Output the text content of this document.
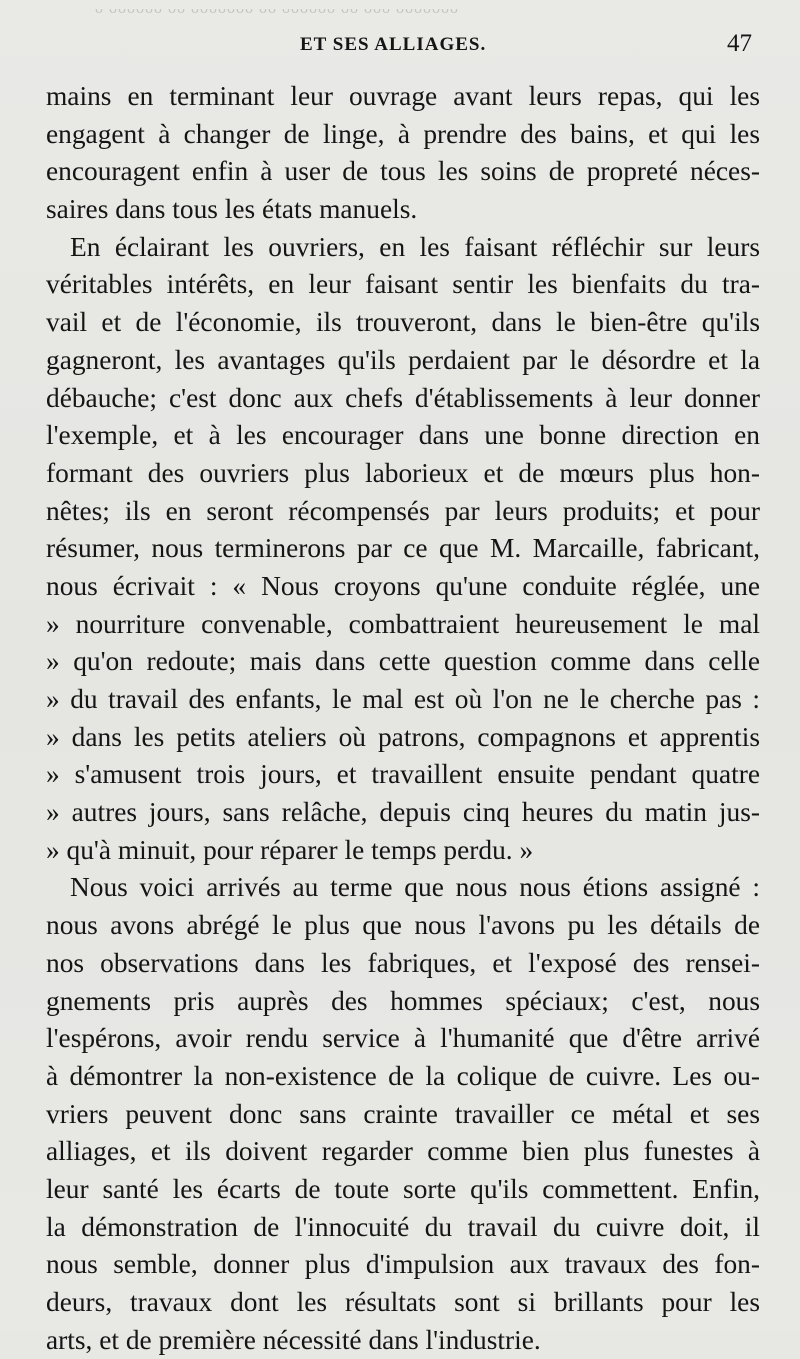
ᴗ ᴗᴗᴗᴗᴗᴗ ᴗᴗ ᴗᴗᴗᴗᴗᴗᴗ ᴗᴗ ᴗᴗᴗᴗᴗᴗ ᴗᴗ ᴗᴗᴗ ᴗᴗᴗᴗᴗᴗᴗ
ET SES ALLIAGES.	47
mains en terminant leur ouvrage avant leurs repas, qui les
engagent à changer de linge, à prendre des bains, et qui les
encouragent enfin à user de tous les soins de propreté néces-
saires dans tous les états manuels.
En éclairant les ouvriers, en les faisant réfléchir sur leurs
véritables intérêts, en leur faisant sentir les bienfaits du tra-
vail et de l'économie, ils trouveront, dans le bien-être qu'ils
gagneront, les avantages qu'ils perdaient par le désordre et la
débauche; c'est donc aux chefs d'établissements à leur donner
l'exemple, et à les encourager dans une bonne direction en
formant des ouvriers plus laborieux et de mœurs plus hon-
nêtes; ils en seront récompensés par leurs produits; et pour
résumer, nous terminerons par ce que M. Marcaille, fabricant,
nous écrivait : « Nous croyons qu'une conduite réglée, une
» nourriture convenable, combattraient heureusement le mal
» qu'on redoute; mais dans cette question comme dans celle
» du travail des enfants, le mal est où l'on ne le cherche pas :
» dans les petits ateliers où patrons, compagnons et apprentis
» s'amusent trois jours, et travaillent ensuite pendant quatre
» autres jours, sans relâche, depuis cinq heures du matin jus-
» qu'à minuit, pour réparer le temps perdu. »
Nous voici arrivés au terme que nous nous étions assigné :
nous avons abrégé le plus que nous l'avons pu les détails de
nos observations dans les fabriques, et l'exposé des rensei-
gnements pris auprès des hommes spéciaux; c'est, nous
l'espérons, avoir rendu service à l'humanité que d'être arrivé
à démontrer la non-existence de la colique de cuivre. Les ou-
vriers peuvent donc sans crainte travailler ce métal et ses
alliages, et ils doivent regarder comme bien plus funestes à
leur santé les écarts de toute sorte qu'ils commettent. Enfin,
la démonstration de l'innocuité du travail du cuivre doit, il
nous semble, donner plus d'impulsion aux travaux des fon-
deurs, travaux dont les résultats sont si brillants pour les
arts, et de première nécessité dans l'industrie.
